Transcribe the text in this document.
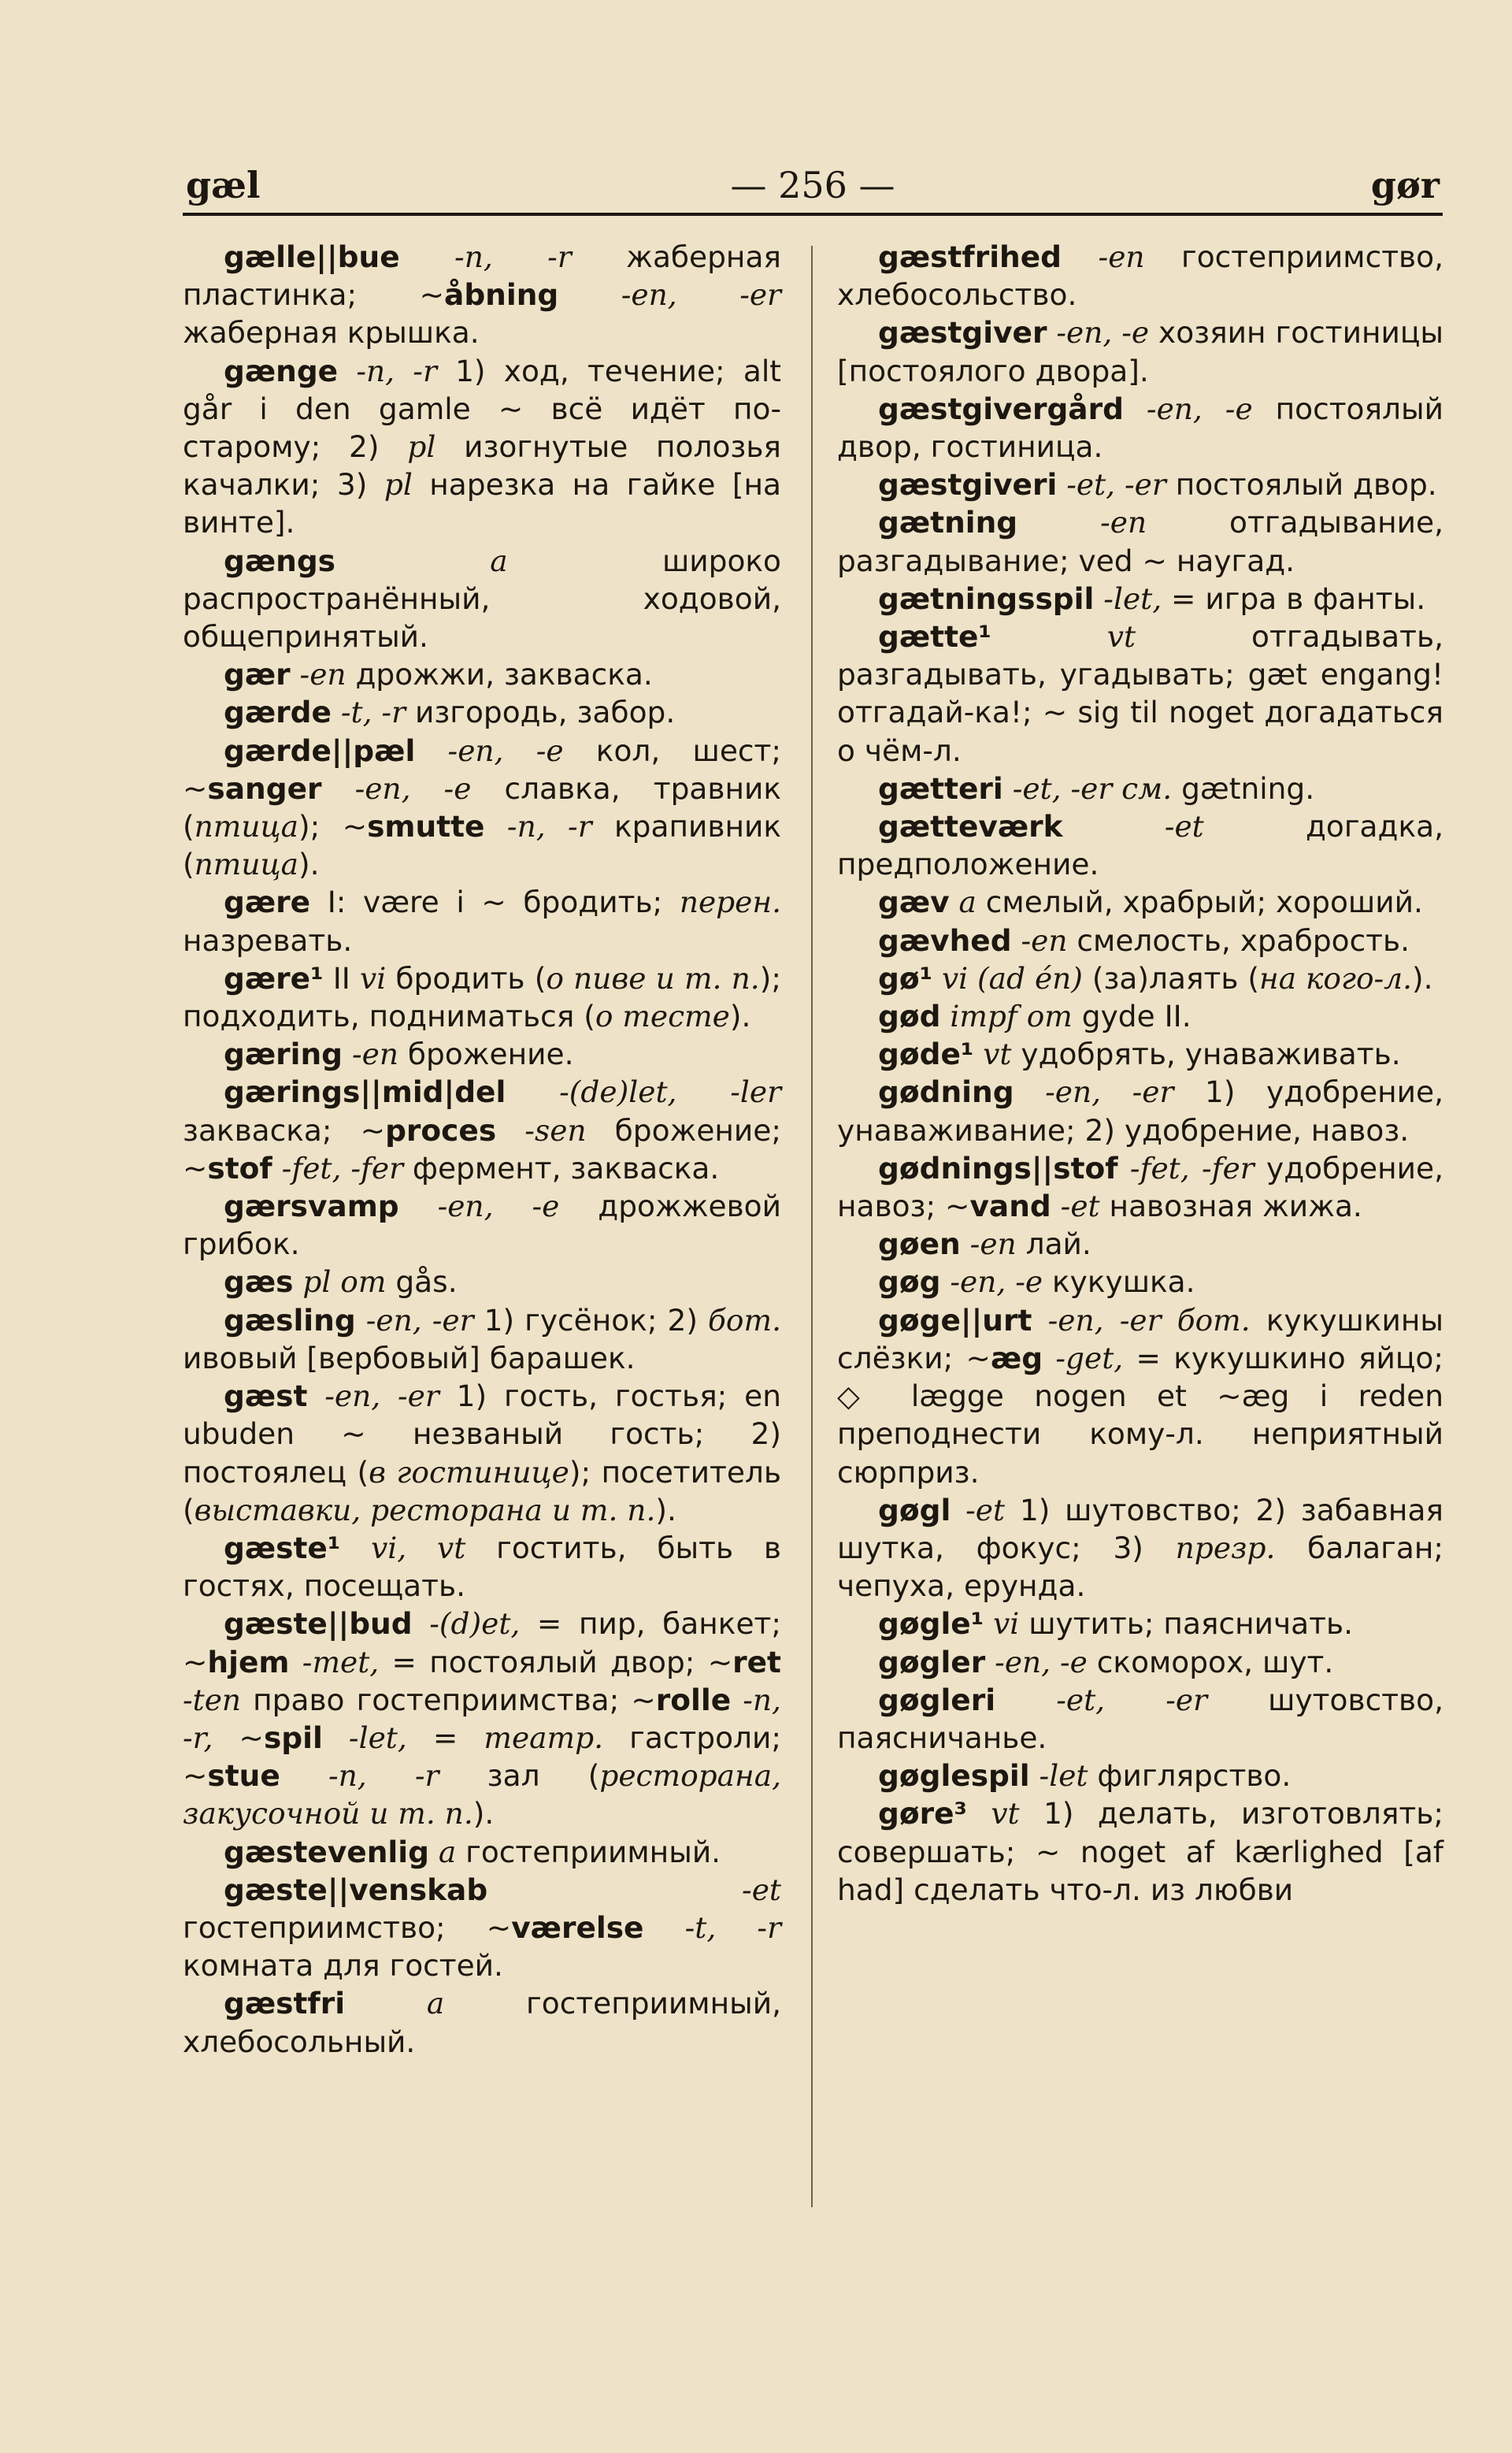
gæl	— 256 —	gør
gælle||bue -n, -r жаберная пластинка; ~åbning -en, -er жаберная крышка.
gænge -n, -r 1) ход, течение; alt går i den gamle ~ всё идёт по-старому; 2) pl изогнутые полозья качалки; 3) pl нарезка на гайке [на винте].
gængs a широко распространённый, ходовой, общепринятый.
gær -en дрожжи, закваска.
gærde -t, -r изгородь, забор.
gærde||pæl -en, -e кол, шест; ~sanger -en, -e славка, травник (птица); ~smutte -n, -r крапивник (птица).
gære I: være i ~ бродить; перен. назревать.
gære¹ II vi бродить (о пиве и т. п.); подходить, подниматься (о тесте).
gæring -en брожение.
gærings||mid|del -(de)let, -ler закваска; ~proces -sen брожение; ~stof -fet, -fer фермент, закваска.
gærsvamp -en, -e дрожжевой грибок.
gæs pl om gås.
gæsling -en, -er 1) гусёнок; 2) бот. ивовый [вербовый] барашек.
gæst -en, -er 1) гость, гостья; en ubuden ~ незваный гость; 2) постоялец (в гостинице); посетитель (выставки, ресторана и т. п.).
gæste¹ vi, vt гостить, быть в гостях, посещать.
gæste||bud -(d)et, = пир, банкет; ~hjem -met, = постоялый двор; ~ret -ten право гостеприимства; ~rolle -n, -r, ~spil -let, = театр. гастроли; ~stue -n, -r зал (ресторана, закусочной и т. п.).
gæstevenlig a гостеприимный.
gæste||venskab -et гостеприимство; ~værelse -t, -r комната для гостей.
gæstfri a гостеприимный, хлебосольный.
gæstfrihed -en гостеприимство, хлебосольство.
gæstgiver -en, -e хозяин гостиницы [постоялого двора].
gæstgivergård -en, -e постоялый двор, гостиница.
gæstgiveri -et, -er постоялый двор.
gætning -en отгадывание, разгадывание; ved ~ наугад.
gætningsspil -let, = игра в фанты.
gætte¹ vt отгадывать, разгадывать, угадывать; gæt engang! отгадай-ка!; ~ sig til noget догадаться о чём-л.
gætteri -et, -er см. gætning.
gætteværk -et догадка, предположение.
gæv a смелый, храбрый; хороший.
gævhed -en смелость, храбрость.
gø¹ vi (ad én) (за)лаять (на кого-л.).
gød impf om gyde II.
gøde¹ vt удобрять, унаваживать.
gødning -en, -er 1) удобрение, унаваживание; 2) удобрение, навоз.
gødnings||stof -fet, -fer удобрение, навоз; ~vand -et навозная жижа.
gøen -en лай.
gøg -en, -e кукушка.
gøge||urt -en, -er бот. кукушкины слёзки; ~æg -get, = кукушкино яйцо; ◇ lægge nogen et ~æg i reden преподнести кому-л. неприятный сюрприз.
gøgl -et 1) шутовство; 2) забавная шутка, фокус; 3) презр. балаган; чепуха, ерунда.
gøgle¹ vi шутить; паясничать.
gøgler -en, -e скоморох, шут.
gøgleri -et, -er шутовство, паясничанье.
gøglespil -let фиглярство.
gøre³ vt 1) делать, изготовлять; совершать; ~ noget af kærlighed [af had] сделать что-л. из любви
